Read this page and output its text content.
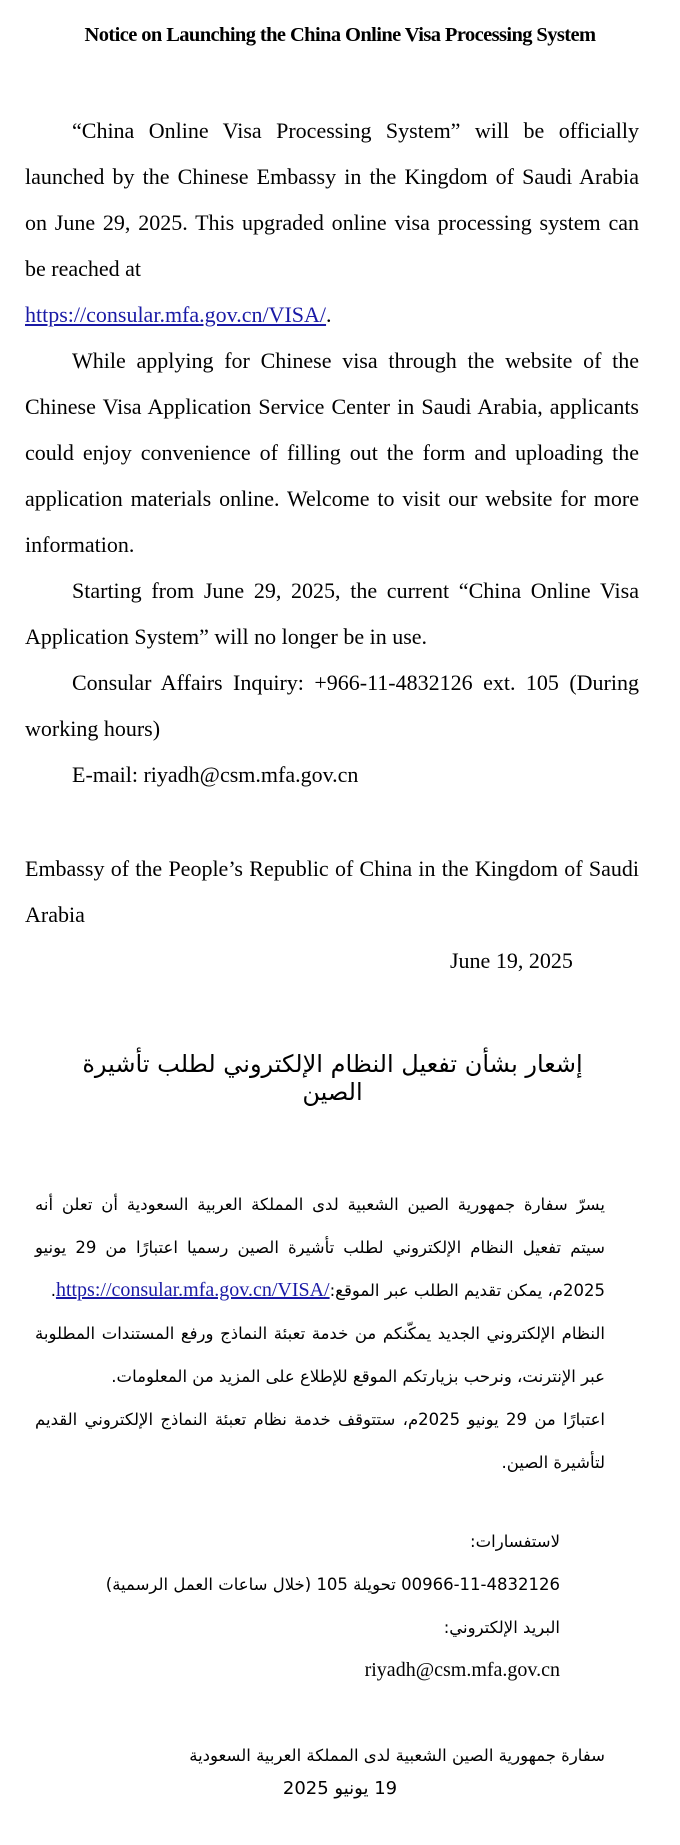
Notice on Launching the China Online Visa Processing System

“China Online Visa Processing System” will be officially launched by the Chinese Embassy in the Kingdom of Saudi Arabia on June 29, 2025. This upgraded online visa processing system can be reached at
https://consular.mfa.gov.cn/VISA/.

While applying for Chinese visa through the website of the Chinese Visa Application Service Center in Saudi Arabia, applicants could enjoy convenience of filling out the form and uploading the application materials online. Welcome to visit our website for more information.

Starting from June 29, 2025, the current “China Online Visa Application System” will no longer be in use.

Consular Affairs Inquiry: +966-11-4832126 ext. 105 (During working hours)

E-mail: riyadh@csm.mfa.gov.cn

Embassy of the People’s Republic of China in the Kingdom of Saudi Arabia
June 19, 2025
إشعار بشأن تفعيل النظام الإلكتروني لطلب تأشيرة الصين

يسرّ سفارة جمهورية الصين الشعبية لدى المملكة العربية السعودية أن تعلن أنه سيتم تفعيل النظام الإلكتروني لطلب تأشيرة الصين رسميا اعتبارًا من 29 يونيو 2025م، يمكن تقديم الطلب عبر الموقع:https://consular.mfa.gov.cn/VISA/.

النظام الإلكتروني الجديد يمكّنكم من خدمة تعبئة النماذج ورفع المستندات المطلوبة عبر الإنترنت، ونرحب بزيارتكم الموقع للإطلاع على المزيد من المعلومات.

اعتبارًا من 29 يونيو 2025م، ستتوقف خدمة نظام تعبئة النماذج الإلكتروني القديم لتأشيرة الصين.

لاستفسارات:

00966-11-4832126 تحويلة 105 (خلال ساعات العمل الرسمية)

البريد الإلكتروني:

riyadh@csm.mfa.gov.cn

سفارة جمهورية الصين الشعبية لدى المملكة العربية السعودية

19 يونيو 2025
